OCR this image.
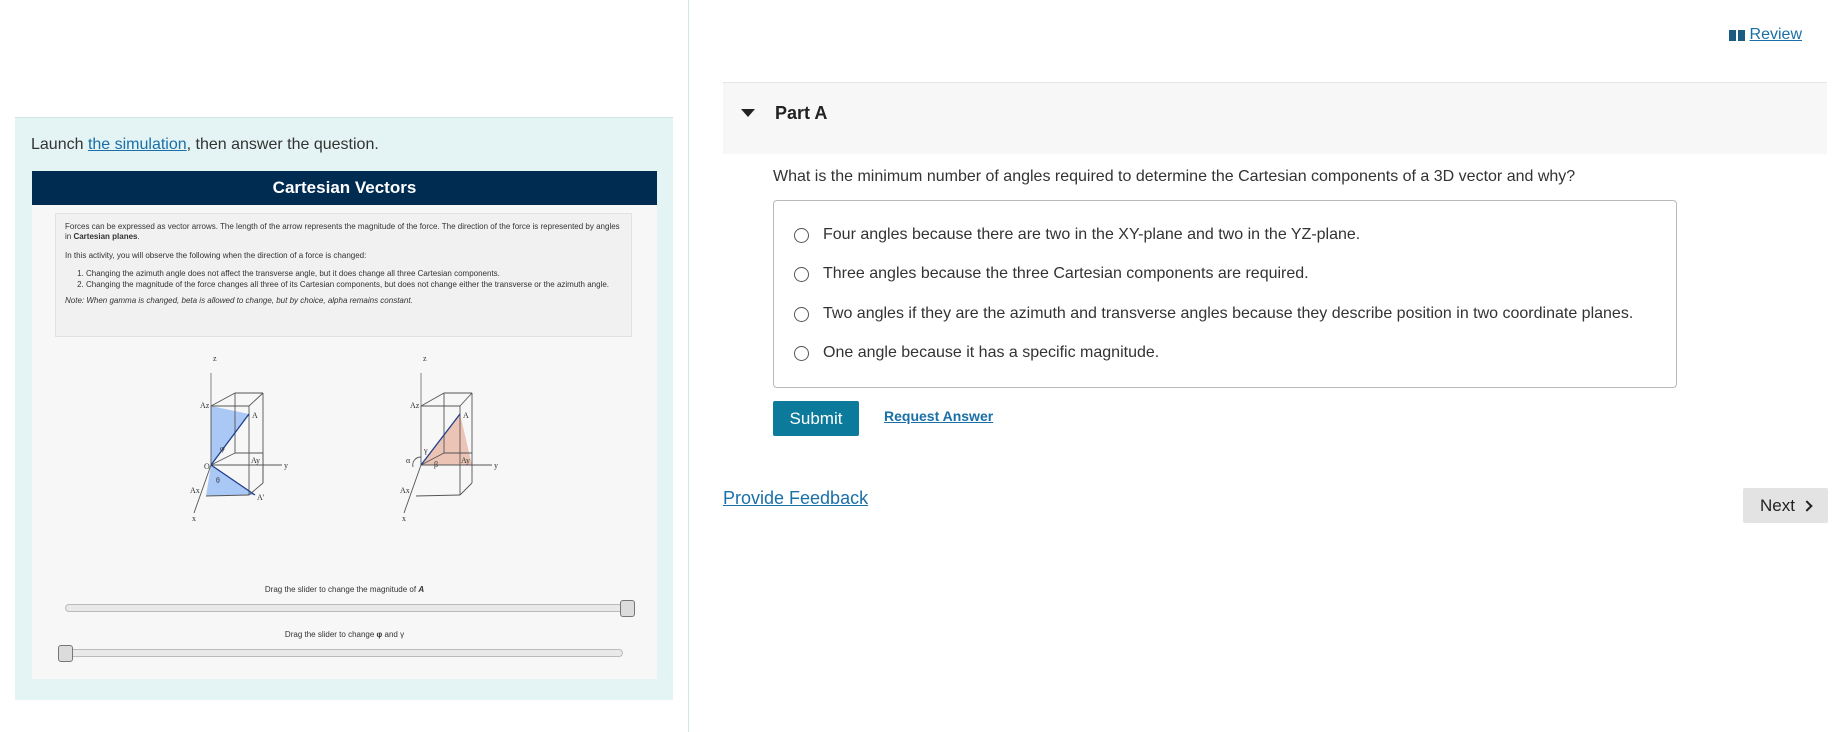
Launch the simulation, then answer the question.
Cartesian Vectors

Forces can be expressed as vector arrows. The length of the arrow represents the magnitude of the force. The direction of the force is represented by angles in Cartesian planes.

In this activity, you will observe the following when the direction of a force is changed:

1. Changing the azimuth angle does not affect the transverse angle, but it does change all three Cartesian components.
2. Changing the magnitude of the force changes all three of its Cartesian components, but does not change either the transverse or the azimuth angle.

Note: When gamma is changed, beta is allowed to change, but by choice, alpha remains constant.

z
y
x
Az
A
Ay
Ax
A'
O
φ
θ
z
y
x
Az
A
Ay
Ax
γ
β
α
Drag the slider to change the magnitude of A
Drag the slider to change φ and γ
Review
Part A
What is the minimum number of angles required to determine the Cartesian components of a 3D vector and why?
Four angles because there are two in the XY-plane and two in the YZ-plane.
Three angles because the three Cartesian components are required.
Two angles if they are the azimuth and transverse angles because they describe position in two coordinate planes.
One angle because it has a specific magnitude.
Submit	Request Answer
Provide Feedback	Next
